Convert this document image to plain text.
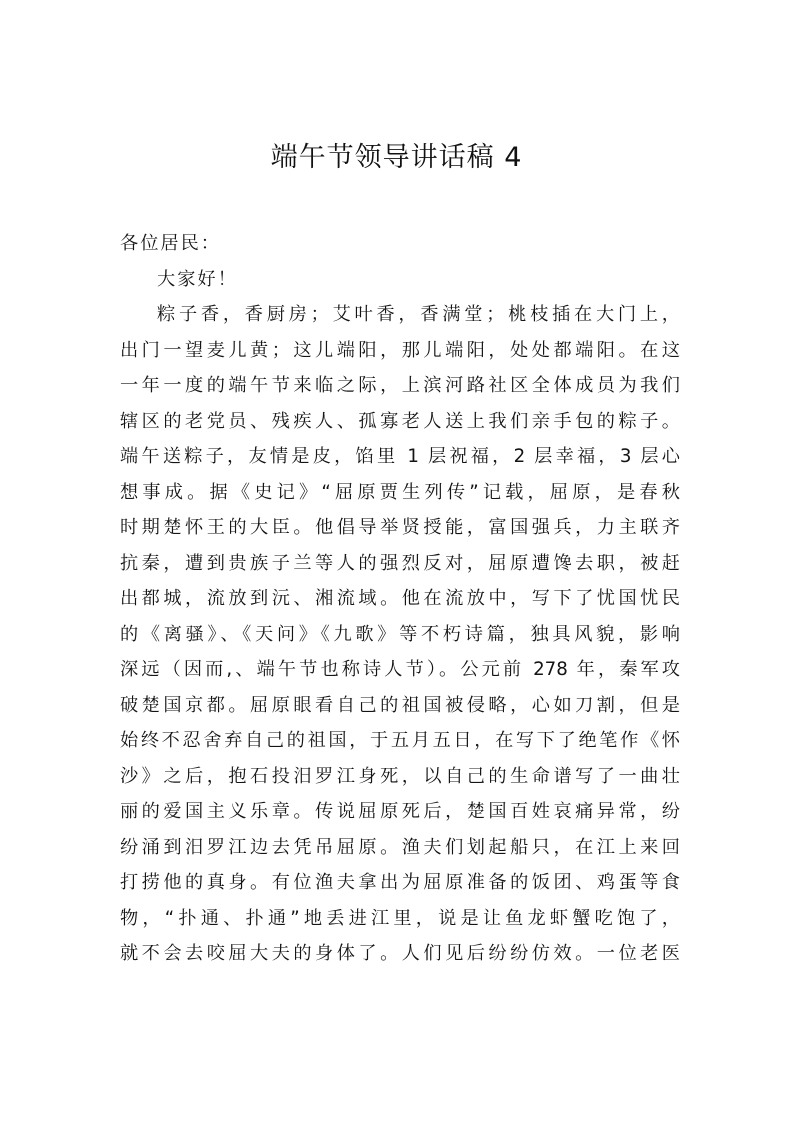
端午节领导讲话稿 4
各位居民：
大家好！
粽子香，香厨房；艾叶香，香满堂；桃枝插在大门上，
出门一望麦儿黄；这儿端阳，那儿端阳，处处都端阳。在这
一年一度的端午节来临之际，上滨河路社区全体成员为我们
辖区的老党员、残疾人、孤寡老人送上我们亲手包的粽子。
端午送粽子，友情是皮，馅里 1 层祝福，2 层幸福，3 层心
想事成。据《史记》“屈原贾生列传”记载，屈原，是春秋
时期楚怀王的大臣。他倡导举贤授能，富国强兵，力主联齐
抗秦，遭到贵族子兰等人的强烈反对，屈原遭馋去职，被赶
出都城，流放到沅、湘流域。他在流放中，写下了忧国忧民
的《离骚》、《天问》《九歌》等不朽诗篇，独具风貌，影响
深远（因而,、端午节也称诗人节）。公元前 278 年，秦军攻
破楚国京都。屈原眼看自己的祖国被侵略，心如刀割，但是
始终不忍舍弃自己的祖国，于五月五日，在写下了绝笔作《怀
沙》之后，抱石投汨罗江身死，以自己的生命谱写了一曲壮
丽的爱国主义乐章。传说屈原死后，楚国百姓哀痛异常，纷
纷涌到汨罗江边去凭吊屈原。渔夫们划起船只，在江上来回
打捞他的真身。有位渔夫拿出为屈原准备的饭团、鸡蛋等食
物，“扑通、扑通”地丢进江里，说是让鱼龙虾蟹吃饱了，
就不会去咬屈大夫的身体了。人们见后纷纷仿效。一位老医
